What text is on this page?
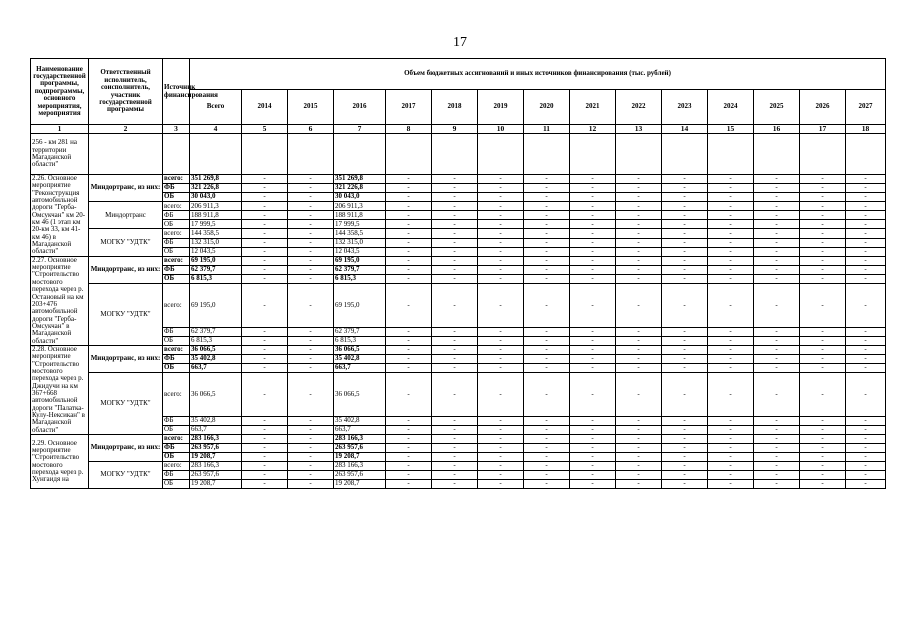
17
Наименование государственной программы, подпрограммы, основного мероприятия, мероприятия	Ответственный исполнитель, соисполнитель, участник государственной программы	Источник финансирования	Объем бюджетных ассигнований и иных источников финансирования (тыс. рублей)														
			Всего	2014	2015	2016	2017	2018	2019	2020	2021	2022	2023	2024	2025	2026	2027
1	2	3	4	5	6	7	8	9	10	11	12	13	14	15	16	17	18
256 - км 281 на территории Магаданской области"																	
2.26. Основное мероприятие "Реконструкция автомобильной дороги "Герба-Омсукчан" км 20-км 46 (1 этап км 20-км 33, км 41-км 46) в Магаданской области"	Миндортранс, из них:	всего:	351 269,8	-	-	351 269,8	-	-	-	-	-	-	-	-	-	-	-
		ФБ	321 226,8	-	-	321 226,8	-	-	-	-	-	-	-	-	-	-	-
		ОБ	30 043,0	-	-	30 043,0	-	-	-	-	-	-	-	-	-	-	-
	Миндортранс	всего:	206 911,3	-	-	206 911,3	-	-	-	-	-	-	-	-	-	-	-
		ФБ	188 911,8	-	-	188 911,8	-	-	-	-	-	-	-	-	-	-	-
		ОБ	17 999,5	-	-	17 999,5	-	-	-	-	-	-	-	-	-	-	-
	МОГКУ "УДТК"	всего:	144 358,5	-	-	144 358,5	-	-	-	-	-	-	-	-	-	-	-
		ФБ	132 315,0	-	-	132 315,0	-	-	-	-	-	-	-	-	-	-	-
		ОБ	12 043,5	-	-	12 043,5	-	-	-	-	-	-	-	-	-	-	-
2.27. Основное мероприятие "Строительство мостового перехода через р. Остановый на км 203+476 автомобильной дороги "Герба-Омсукчан" в Магаданской области"	Миндортранс, из них:	всего:	69 195,0	-	-	69 195,0	-	-	-	-	-	-	-	-	-	-	-
		ФБ	62 379,7	-	-	62 379,7	-	-	-	-	-	-	-	-	-	-	-
		ОБ	6 815,3	-	-	6 815,3	-	-	-	-	-	-	-	-	-	-	-
	МОГКУ "УДТК"	всего:	69 195,0	-	-	69 195,0	-	-	-	-	-	-	-	-	-	-	-
		ФБ	62 379,7	-	-	62 379,7	-	-	-	-	-	-	-	-	-	-	-
		ОБ	6 815,3	-	-	6 815,3	-	-	-	-	-	-	-	-	-	-	-
2.28. Основное мероприятие "Строительство мостового перехода через р. Джидучи на км 367+668 автомобильной дороги "Палатка-Кулу-Нексикан" в Магаданской области"	Миндортранс, из них:	всего:	36 066,5	-	-	36 066,5	-	-	-	-	-	-	-	-	-	-	-
		ФБ	35 402,8	-	-	35 402,8	-	-	-	-	-	-	-	-	-	-	-
		ОБ	663,7	-	-	663,7	-	-	-	-	-	-	-	-	-	-	-
	МОГКУ "УДТК"	всего:	36 066,5	-	-	36 066,5	-	-	-	-	-	-	-	-	-	-	-
		ФБ	35 402,8	-	-	35 402,8	-	-	-	-	-	-	-	-	-	-	-
		ОБ	663,7	-	-	663,7	-	-	-	-	-	-	-	-	-	-	-
2.29. Основное мероприятие "Строительство мостового перехода через р. Хунгаидя на	Миндортранс, из них:	всего:	283 166,3	-	-	283 166,3	-	-	-	-	-	-	-	-	-	-	-
		ФБ	263 957,6	-	-	263 957,6	-	-	-	-	-	-	-	-	-	-	-
		ОБ	19 208,7	-	-	19 208,7	-	-	-	-	-	-	-	-	-	-	-
	МОГКУ "УДТК"	всего:	283 166,3	-	-	283 166,3	-	-	-	-	-	-	-	-	-	-	-
		ФБ	263 957,6	-	-	263 957,6	-	-	-	-	-	-	-	-	-	-	-
		ОБ	19 208,7	-	-	19 208,7	-	-	-	-	-	-	-	-	-	-	-
